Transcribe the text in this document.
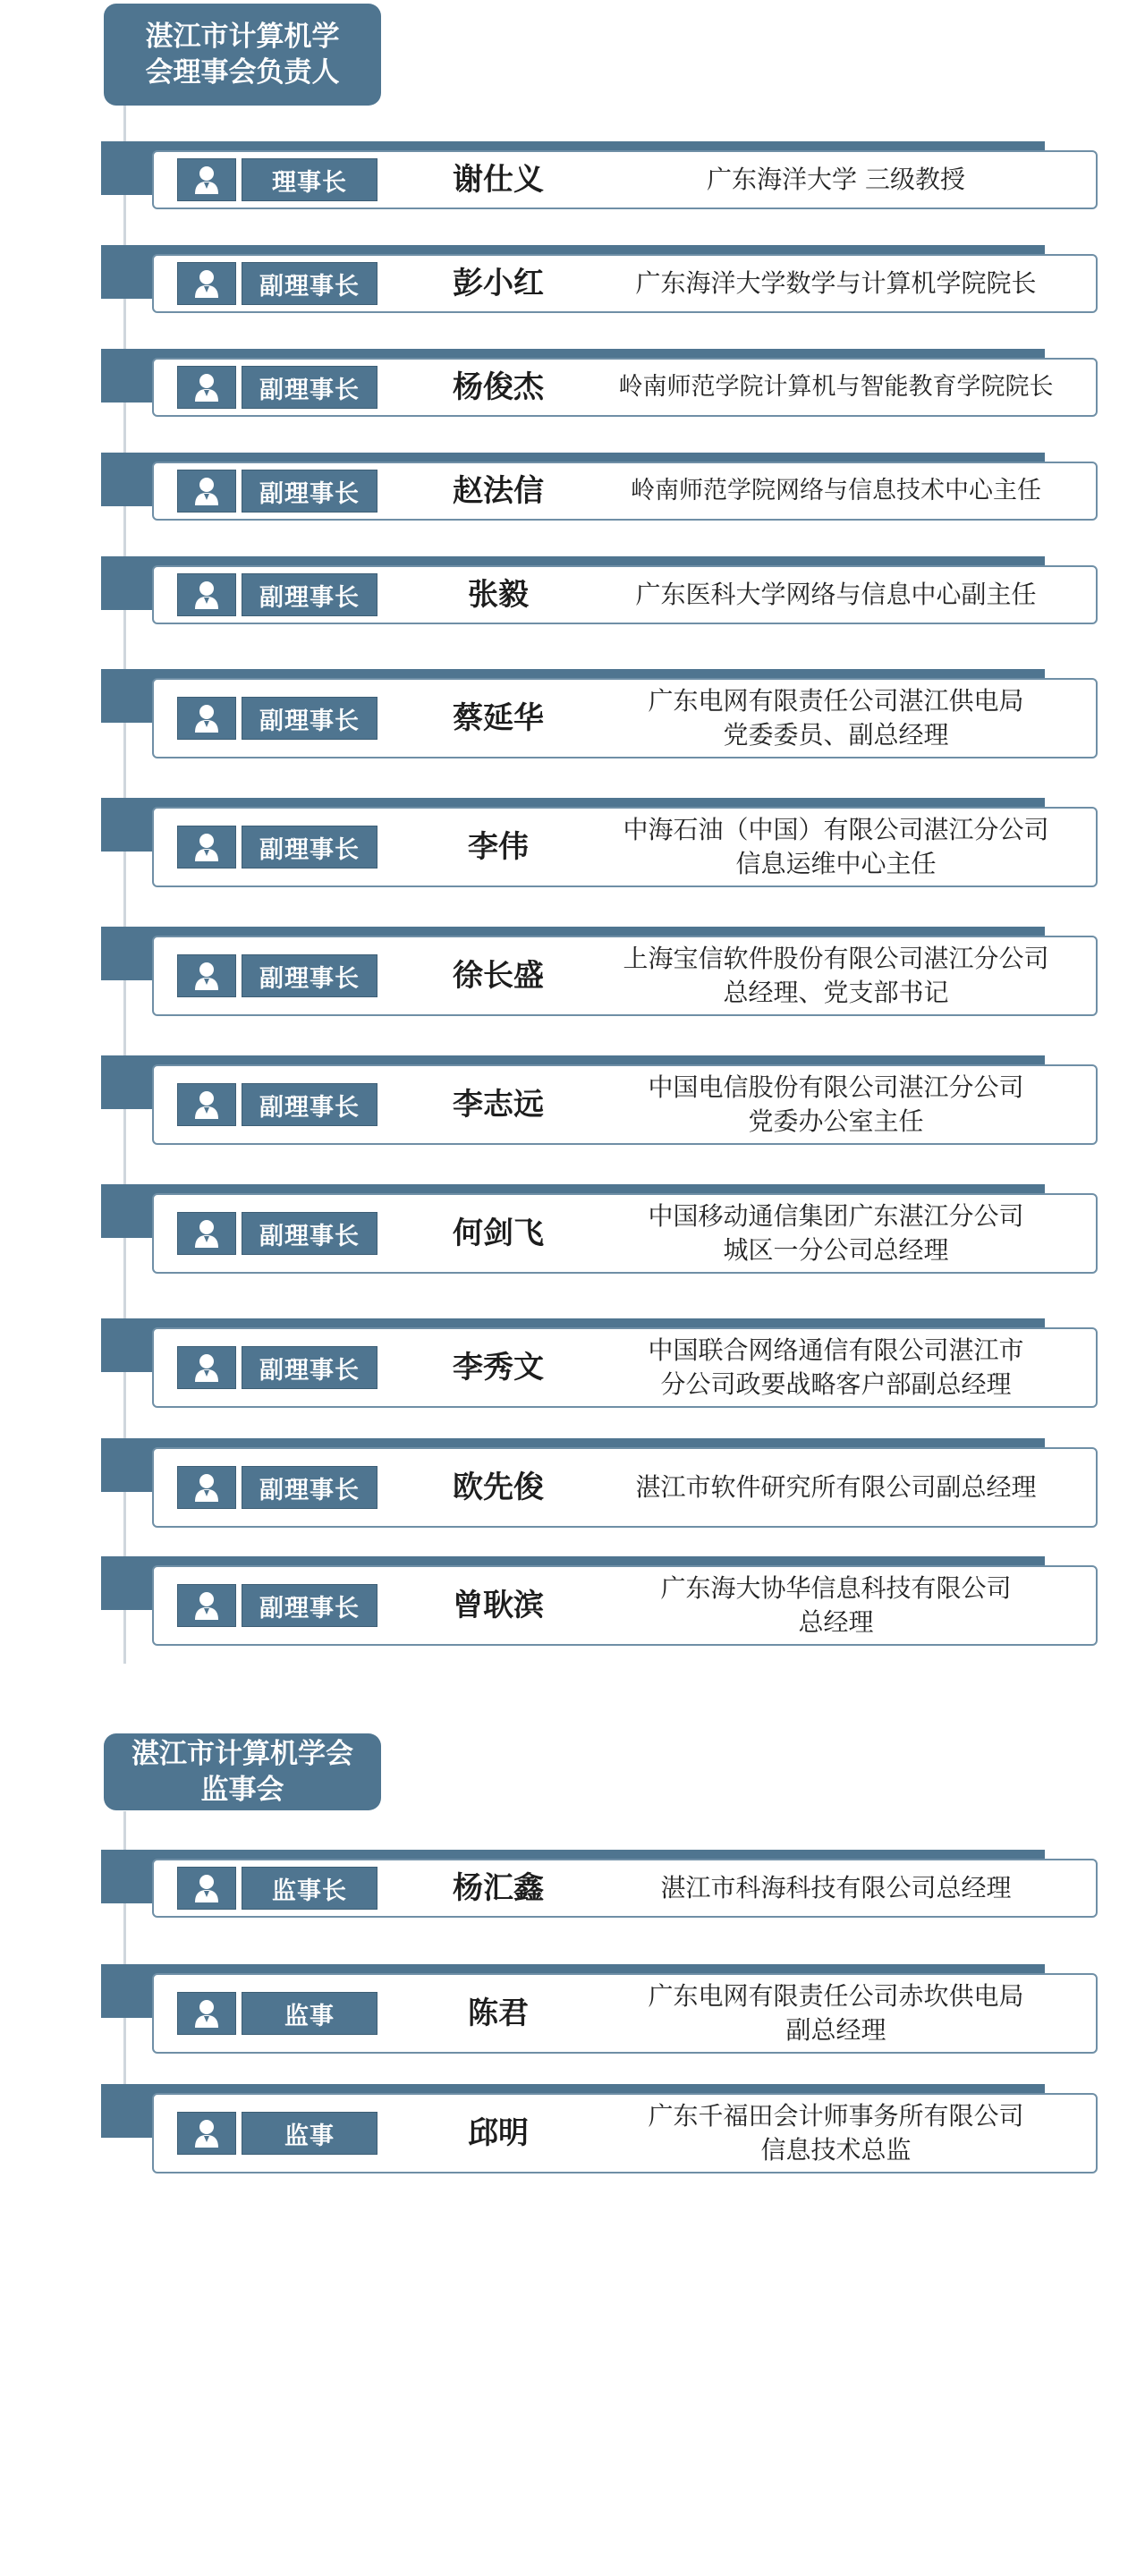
湛江市计算机学
会理事会负责人
湛江市计算机学会
监事会
理事长	谢仕义	广东海洋大学 三级教授
副理事长	彭小红	广东海洋大学数学与计算机学院院长
副理事长	杨俊杰	岭南师范学院计算机与智能教育学院院长
副理事长	赵法信	岭南师范学院网络与信息技术中心主任
副理事长	张毅	广东医科大学网络与信息中心副主任
副理事长	蔡延华	广东电网有限责任公司湛江供电局
党委委员、副总经理
副理事长	李伟	中海石油（中国）有限公司湛江分公司
信息运维中心主任
副理事长	徐长盛	上海宝信软件股份有限公司湛江分公司
总经理、党支部书记
副理事长	李志远	中国电信股份有限公司湛江分公司
党委办公室主任
副理事长	何剑飞	中国移动通信集团广东湛江分公司
城区一分公司总经理
副理事长	李秀文	中国联合网络通信有限公司湛江市
分公司政要战略客户部副总经理
副理事长	欧先俊	湛江市软件研究所有限公司副总经理
副理事长	曾耿滨	广东海大协华信息科技有限公司
总经理
监事长	杨汇鑫	湛江市科海科技有限公司总经理
监事	陈君	广东电网有限责任公司赤坎供电局
副总经理
监事	邱明	广东千福田会计师事务所有限公司
信息技术总监
